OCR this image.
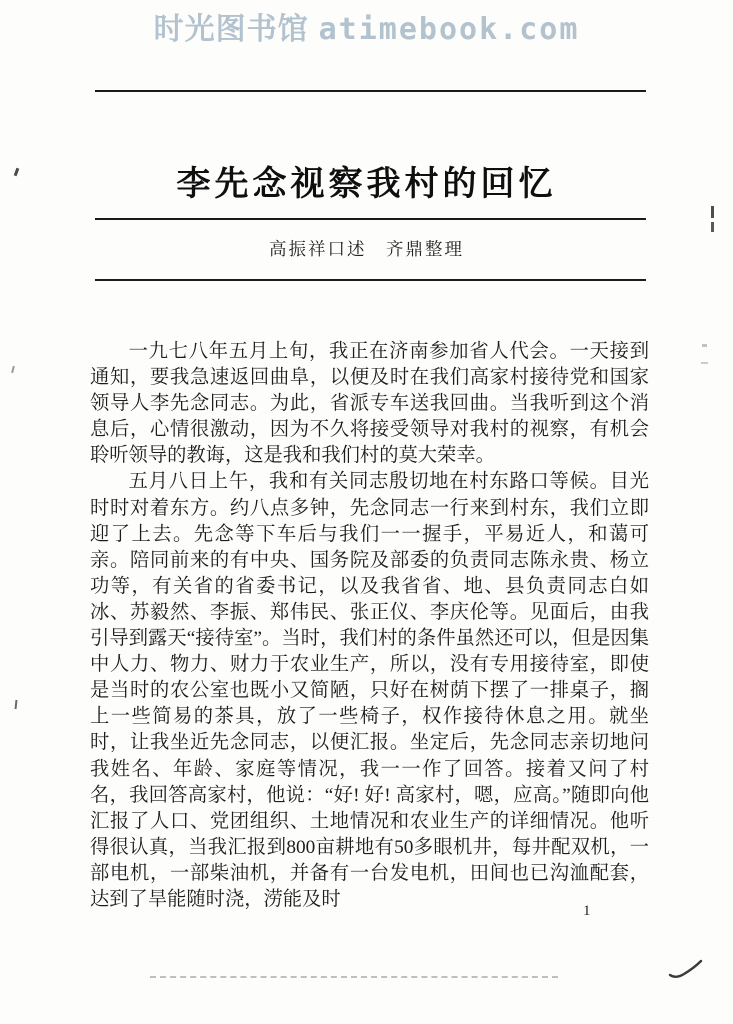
时光图书馆 atimebook.com
李先念视察我村的回忆
高振祥口述　齐鼎整理

一九七八年五月上旬，我正在济南参加省人代会。一天接到通知，要我急速返回曲阜，以便及时在我们高家村接待党和国家领导人李先念同志。为此，省派专车送我回曲。当我听到这个消息后，心情很激动，因为不久将接受领导对我村的视察，有机会聆听领导的教诲，这是我和我们村的莫大荣幸。

五月八日上午，我和有关同志殷切地在村东路口等候。目光时时对着东方。约八点多钟，先念同志一行来到村东，我们立即迎了上去。先念等下车后与我们一一握手，平易近人，和蔼可亲。陪同前来的有中央、国务院及部委的负责同志陈永贵、杨立功等，有关省的省委书记，以及我省省、地、县负责同志白如冰、苏毅然、李振、郑伟民、张正仪、李庆伦等。见面后，由我引导到露天“接待室”。当时，我们村的条件虽然还可以，但是因集中人力、物力、财力于农业生产，所以，没有专用接待室，即使是当时的农公室也既小又简陋，只好在树荫下摆了一排桌子，搁上一些简易的茶具，放了一些椅子，权作接待休息之用。就坐时，让我坐近先念同志，以便汇报。坐定后，先念同志亲切地问我姓名、年龄、家庭等情况，我一一作了回答。接着又问了村名，我回答高家村，他说：“好! 好! 高家村，嗯，应高。”随即向他汇报了人口、党团组织、土地情况和农业生产的详细情况。他听得很认真，当我汇报到800亩耕地有50多眼机井，每井配双机，一部电机，一部柴油机，并备有一台发电机，田间也已沟洫配套，达到了旱能随时浇，涝能及时

1
